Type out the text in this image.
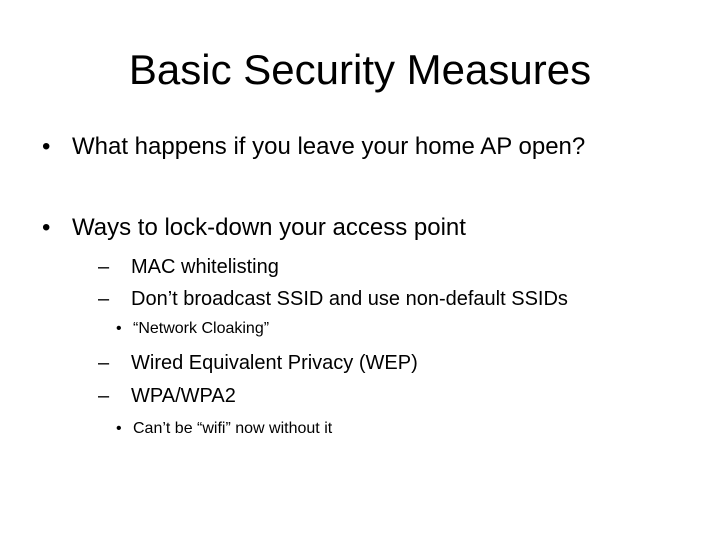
Basic Security Measures
• What happens if you leave your home AP open?
• Ways to lock-down your access point
– MAC whitelisting
– Don’t broadcast SSID and use non-default SSIDs
• “Network Cloaking”
– Wired Equivalent Privacy (WEP)
– WPA/WPA2
• Can’t be “wifi” now without it
